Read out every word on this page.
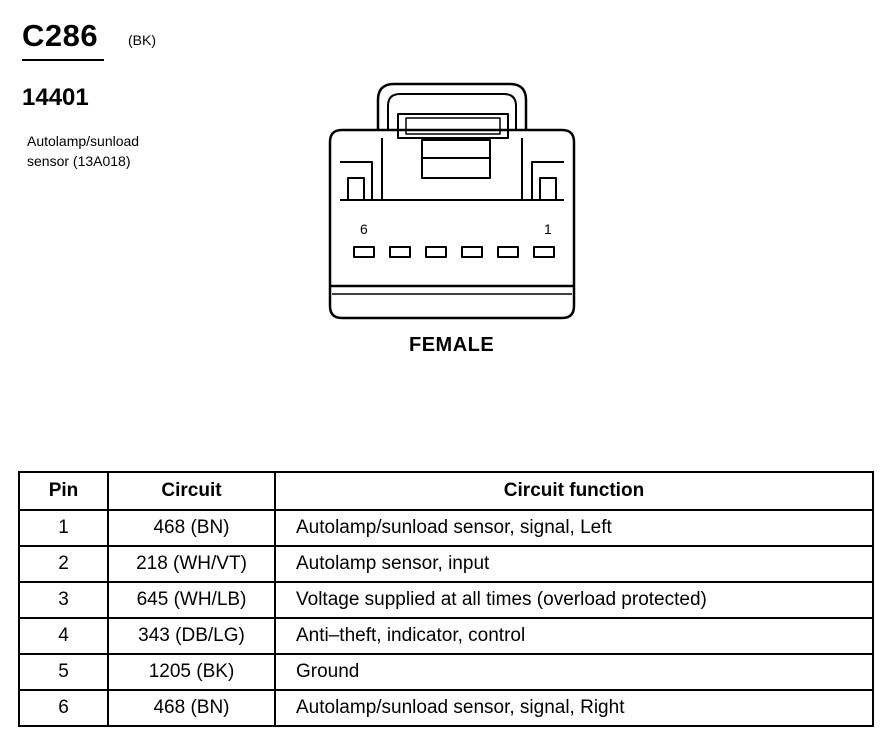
C286 (BK)
14401
Autolamp/sunload
sensor (13A018)
6	1
FEMALE
Pin	Circuit	Circuit function
1	468 (BN)	Autolamp/sunload sensor, signal, Left
2	218 (WH/VT)	Autolamp sensor, input
3	645 (WH/LB)	Voltage supplied at all times (overload protected)
4	343 (DB/LG)	Anti–theft, indicator, control
5	1205 (BK)	Ground
6	468 (BN)	Autolamp/sunload sensor, signal, Right
